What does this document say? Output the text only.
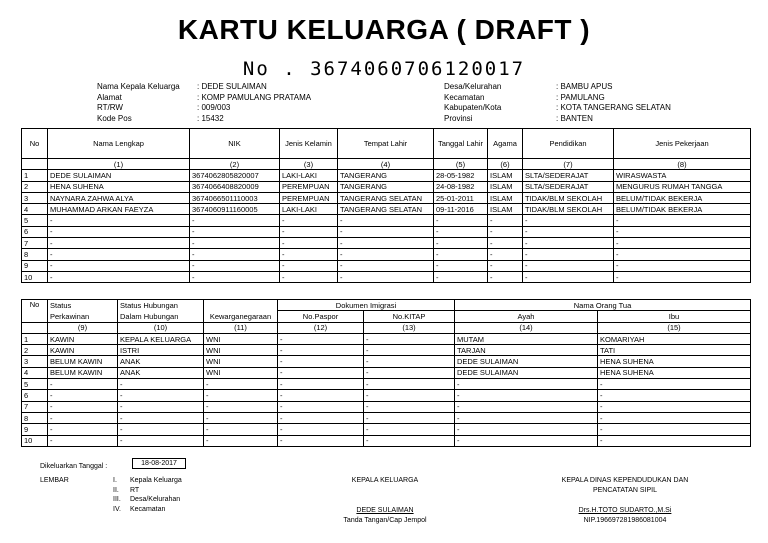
KARTU KELUARGA ( DRAFT )
No . 3674060706120017
Nama Kepala Keluarga	: DEDE SULAIMAN
Alamat	: KOMP PAMULANG PRATAMA
RT/RW	: 009/003
Kode Pos	: 15432
Desa/Kelurahan	: BAMBU APUS
Kecamatan	: PAMULANG
Kabupaten/Kota	: KOTA TANGERANG SELATAN
Provinsi	: BANTEN
No	Nama Lengkap	NIK	Jenis Kelamin	Tempat Lahir	Tanggal Lahir	Agama	Pendidikan	Jenis Pekerjaan
	(1)	(2)	(3)	(4)	(5)	(6)	(7)	(8)
1	DEDE SULAIMAN	3674062805820007	LAKI-LAKI	TANGERANG	28-05-1982	ISLAM	SLTA/SEDERAJAT	WIRASWASTA
2	HENA SUHENA	3674066408820009	PEREMPUAN	TANGERANG	24-08-1982	ISLAM	SLTA/SEDERAJAT	MENGURUS RUMAH TANGGA
3	NAYNARA ZAHWA ALYA	3674066501110003	PEREMPUAN	TANGERANG SELATAN	25-01-2011	ISLAM	TIDAK/BLM SEKOLAH	BELUM/TIDAK BEKERJA
4	MUHAMMAD ARKAN FAEYZA	3674060911160005	LAKI-LAKI	TANGERANG SELATAN	09-11-2016	ISLAM	TIDAK/BLM SEKOLAH	BELUM/TIDAK BEKERJA
5	-	-	-	-	-	-	-	-
6	-	-	-	-	-	-	-	-
7	-	-	-	-	-	-	-	-
8	-	-	-	-	-	-	-	-
9	-	-	-	-	-	-	-	-
10	-	-	-	-	-	-	-	-
No	Status	Status Hubungan		Dokumen Imigrasi		Nama Orang Tua	
	Perkawinan	Dalam Hubungan	Kewarganegaraan	No.Paspor	No.KITAP	Ayah	Ibu
	(9)	(10)	(11)	(12)	(13)	(14)	(15)
1	KAWIN	KEPALA KELUARGA	WNI	-	-	MUTAM	KOMARIYAH
2	KAWIN	ISTRI	WNI	-	-	TARJAN	TATI
3	BELUM KAWIN	ANAK	WNI	-	-	DEDE SULAIMAN	HENA SUHENA
4	BELUM KAWIN	ANAK	WNI	-	-	DEDE SULAIMAN	HENA SUHENA
5	-	-	-	-	-	-	-
6	-	-	-	-	-	-	-
7	-	-	-	-	-	-	-
8	-	-	-	-	-	-	-
9	-	-	-	-	-	-	-
10	-	-	-	-	-	-	-
Dikeluarkan Tanggal :	18-08-2017
LEMBAR	I. Kepala Keluarga
II. RT
III. Desa/Kelurahan
IV. Kecamatan
KEPALA KELUARGA
DEDE SULAIMAN
Tanda Tangan/Cap Jempol
KEPALA DINAS KEPENDUDUKAN DAN
PENCATATAN SIPIL
Drs.H.TOTO SUDARTO.,M.Si
NIP.196697281986081004
